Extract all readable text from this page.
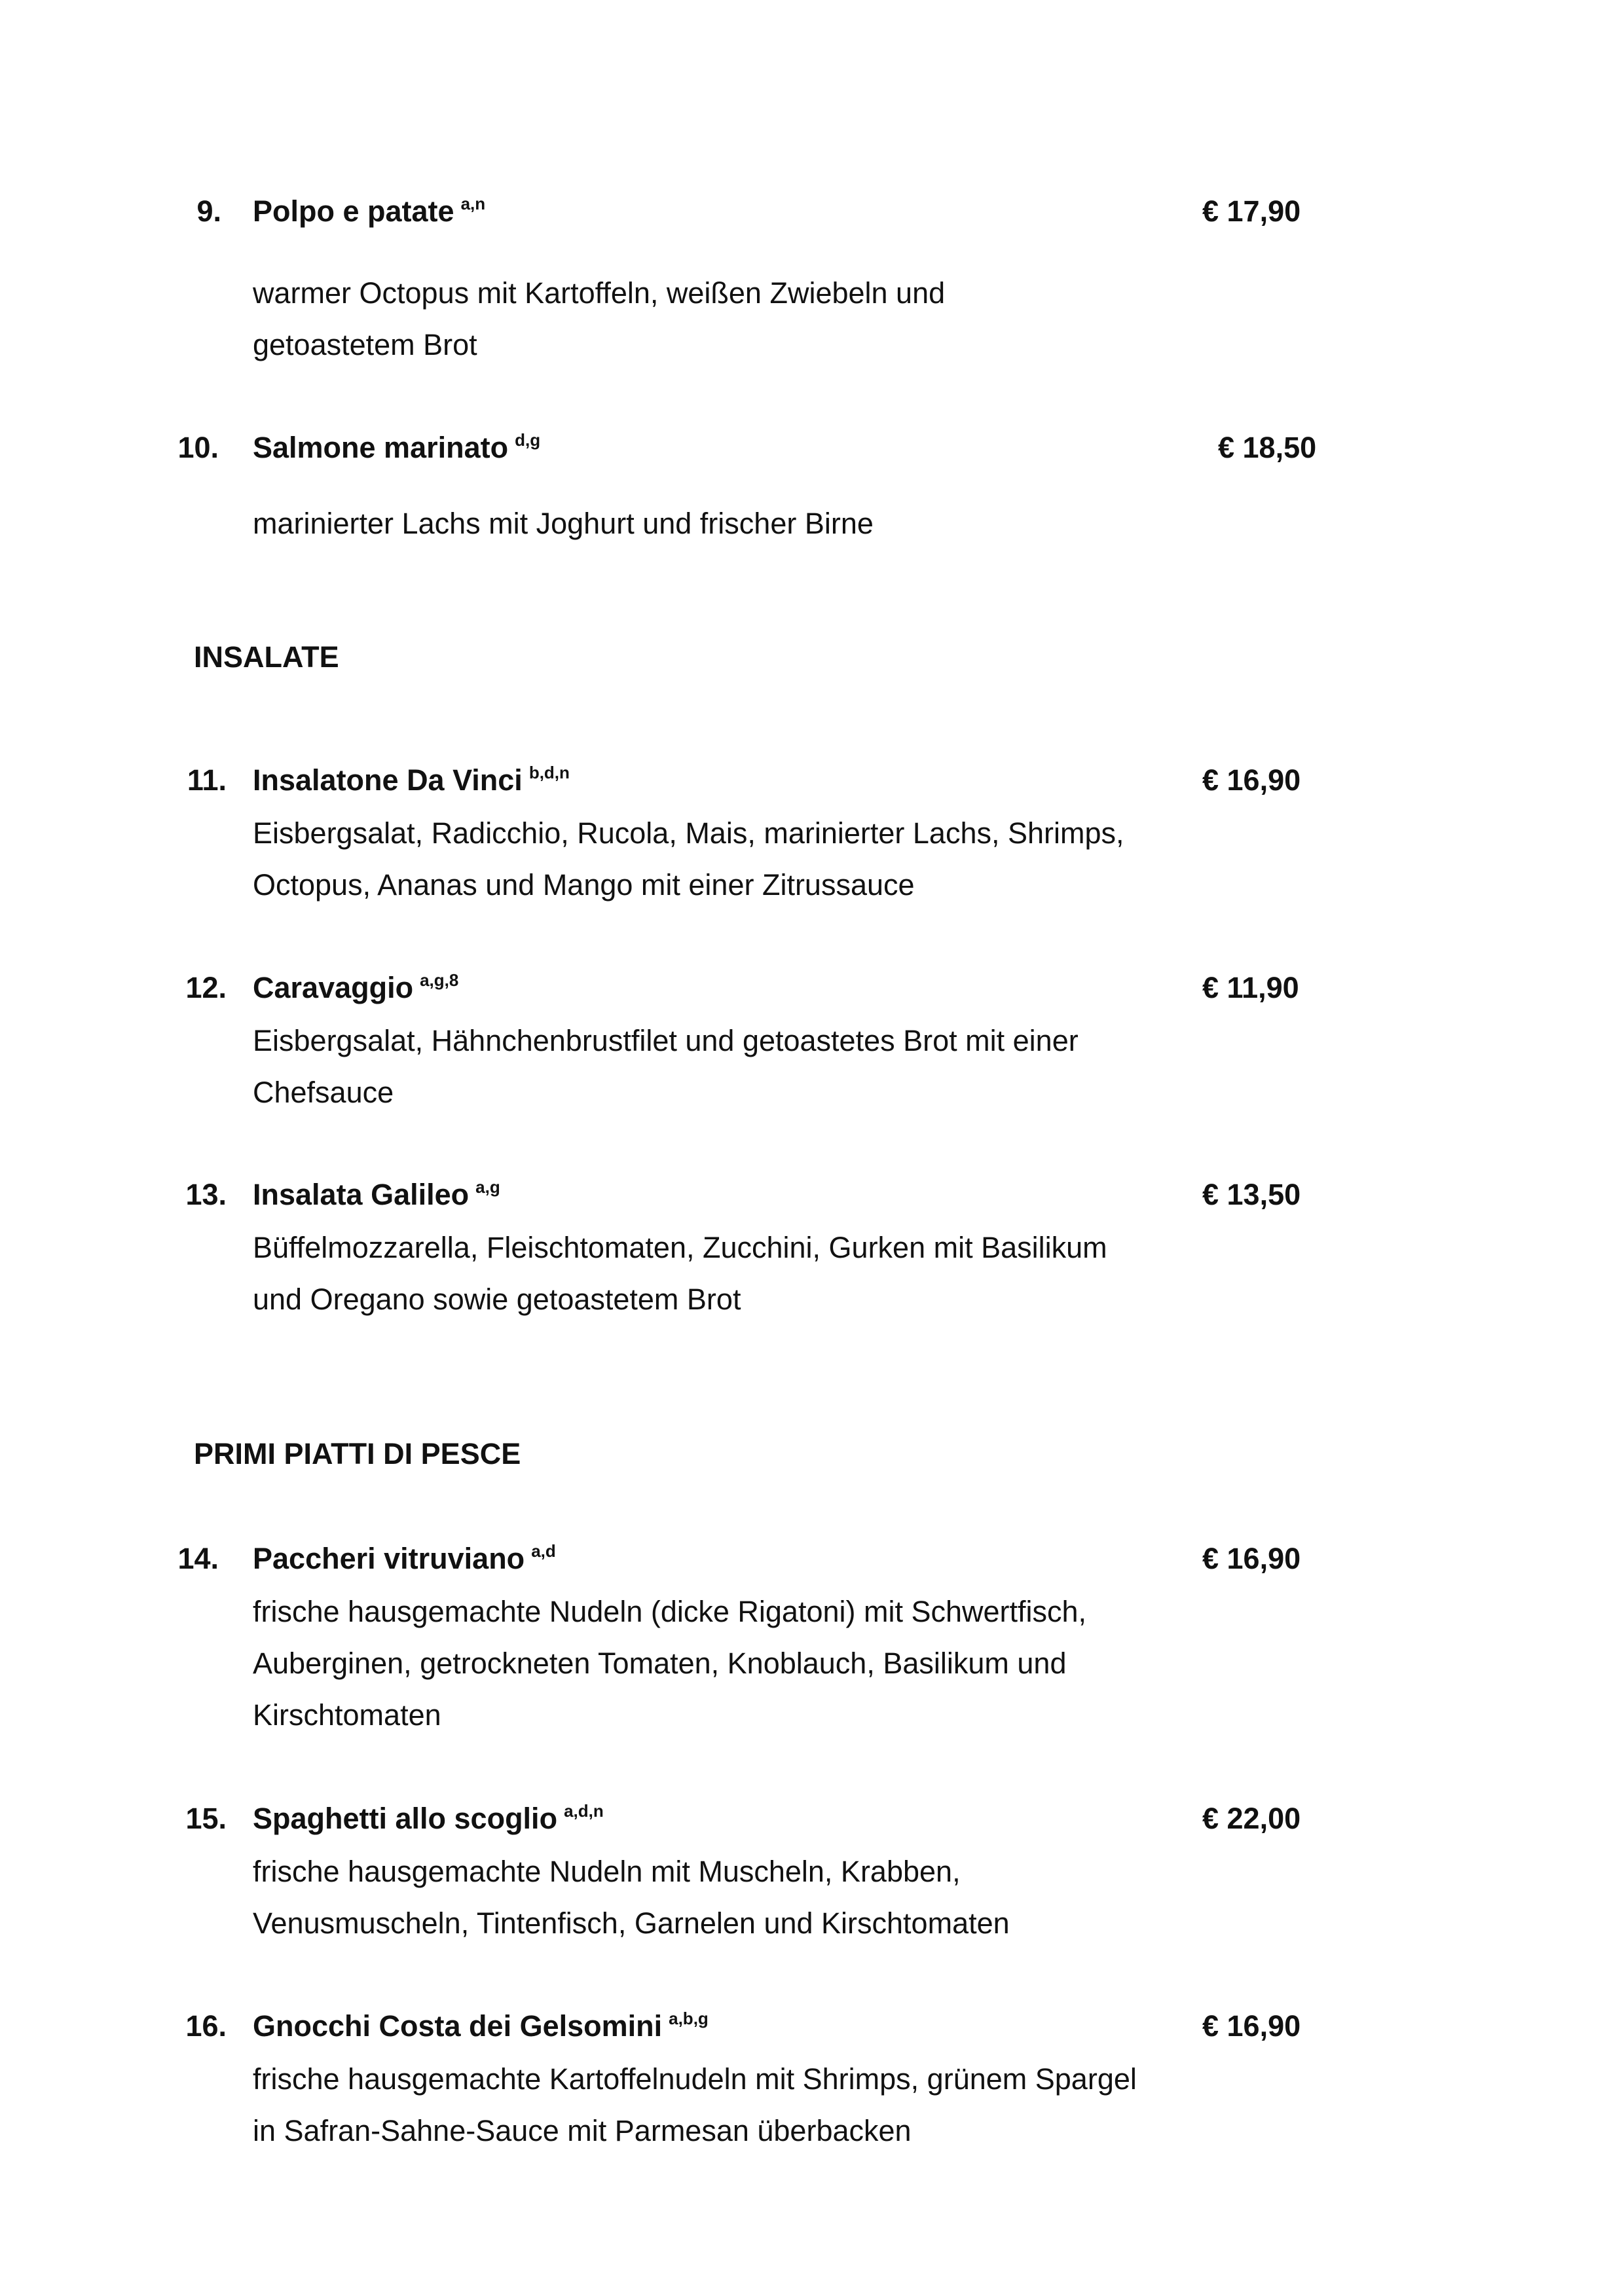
9. Polpo e patate $^{a,n}$	€ 17,90
warmer Octopus mit Kartoffeln, weißen Zwiebeln und
getoastetem Brot
10. Salmone marinato $^{d,g}$	€ 18,50
marinierter Lachs mit Joghurt und frischer Birne
INSALATE
11. Insalatone Da Vinci $^{b,d,n}$	€ 16,90
Eisbergsalat, Radicchio, Rucola, Mais, marinierter Lachs, Shrimps,
Octopus, Ananas und Mango mit einer Zitrussauce
12. Caravaggio $^{a,g,8}$	€ 11,90
Eisbergsalat, Hähnchenbrustfilet und getoastetes Brot mit einer
Chefsauce
13. Insalata Galileo $^{a,g}$	€ 13,50
Büffelmozzarella, Fleischtomaten, Zucchini, Gurken mit Basilikum
und Oregano sowie getoastetem Brot
PRIMI PIATTI DI PESCE
14. Paccheri vitruviano $^{a,d}$	€ 16,90
frische hausgemachte Nudeln (dicke Rigatoni) mit Schwertfisch,
Auberginen, getrockneten Tomaten, Knoblauch, Basilikum und
Kirschtomaten
15. Spaghetti allo scoglio $^{a,d,n}$	€ 22,00
frische hausgemachte Nudeln mit Muscheln, Krabben,
Venusmuscheln, Tintenfisch, Garnelen und Kirschtomaten
16. Gnocchi Costa dei Gelsomini $^{a,b,g}$	€ 16,90
frische hausgemachte Kartoffelnudeln mit Shrimps, grünem Spargel
in Safran-Sahne-Sauce mit Parmesan überbacken
